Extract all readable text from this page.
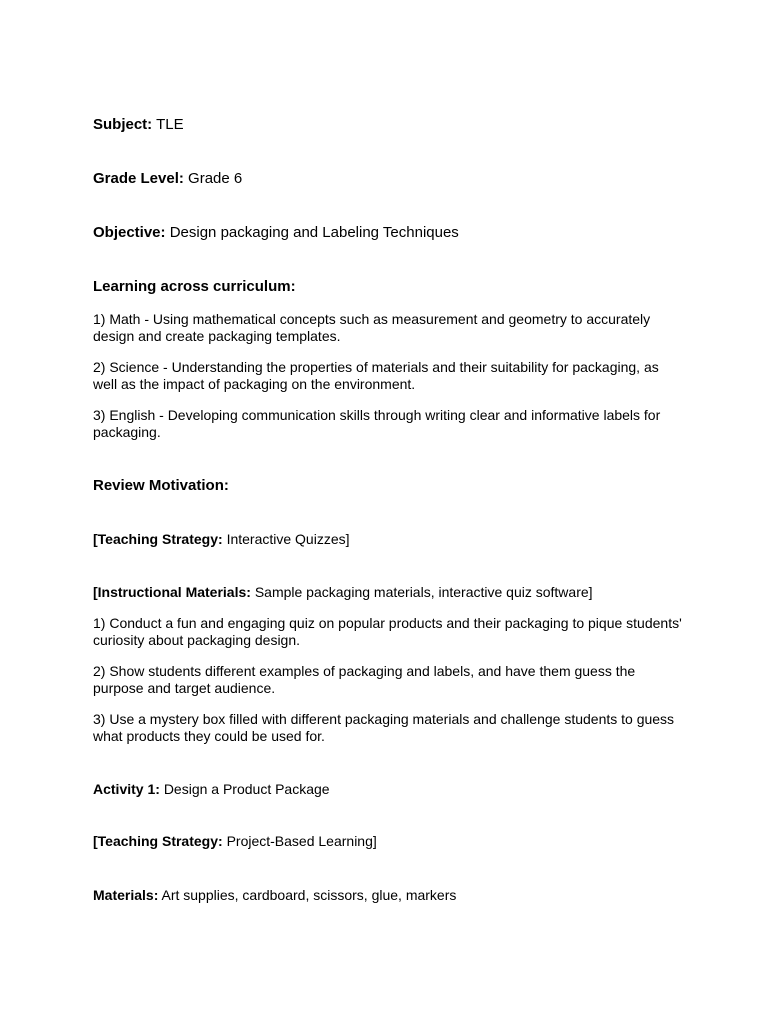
Subject: TLE
Grade Level: Grade 6
Objective: Design packaging and Labeling Techniques
Learning across curriculum:
1) Math - Using mathematical concepts such as measurement and geometry to accurately design and create packaging templates.
2) Science - Understanding the properties of materials and their suitability for packaging, as well as the impact of packaging on the environment.
3) English - Developing communication skills through writing clear and informative labels for packaging.
Review Motivation:
[Teaching Strategy: Interactive Quizzes]
[Instructional Materials: Sample packaging materials, interactive quiz software]
1) Conduct a fun and engaging quiz on popular products and their packaging to pique students' curiosity about packaging design.
2) Show students different examples of packaging and labels, and have them guess the purpose and target audience.
3) Use a mystery box filled with different packaging materials and challenge students to guess what products they could be used for.
Activity 1: Design a Product Package
[Teaching Strategy: Project-Based Learning]
Materials: Art supplies, cardboard, scissors, glue, markers
